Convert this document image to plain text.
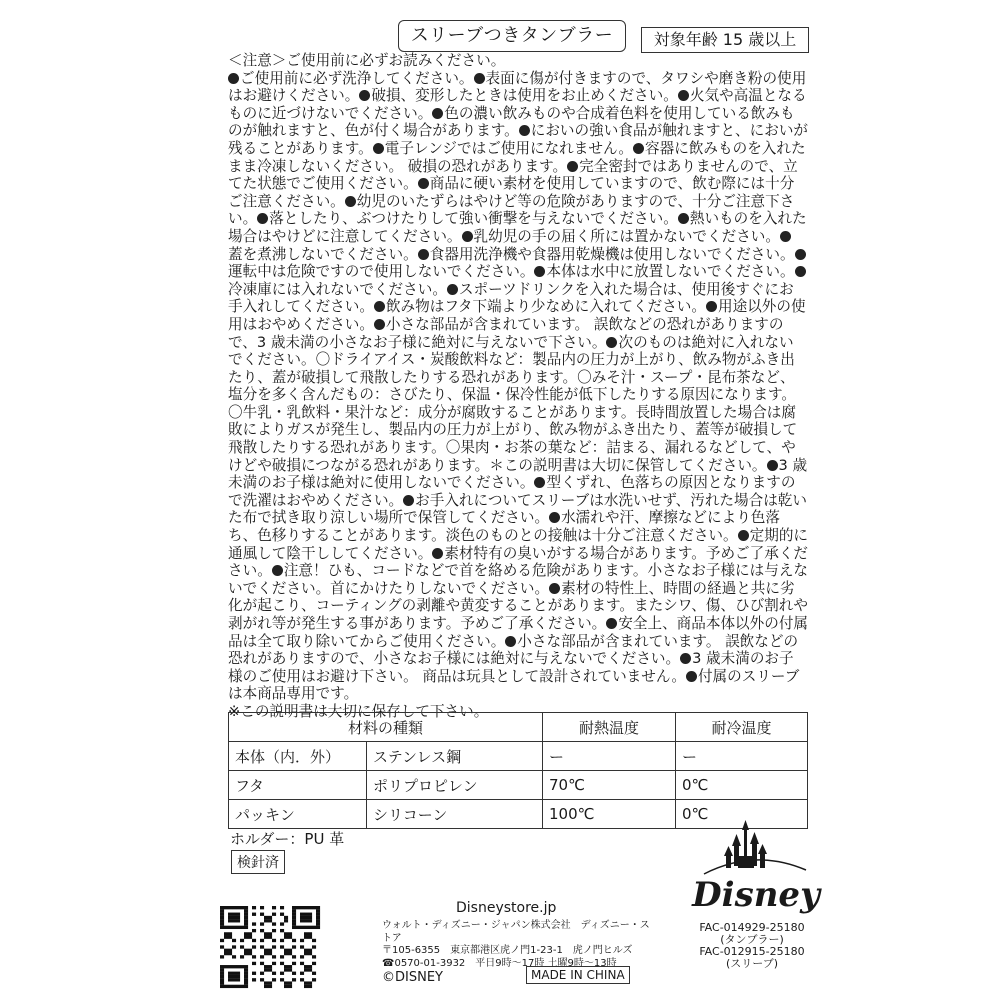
スリーブつきタンブラー	対象年齢 15 歳以上

＜注意＞ご使用前に必ずお読みください。

ご使用前に必ず洗浄してください。 表面に傷が付きますので、タワシや磨き粉の使用はお避けください。 破損、変形したときは使用をお止めください。 火気や高温となるものに近づけないでください。 色の濃い飲みものや合成着色料を使用している飲みものが触れますと、色が付く場合があります。 においの強い食品が触れますと、においが残ることがあります。 電子レンジではご使用になれません。 容器に飲みものを入れたまま冷凍しないください。 破損の恐れがあります。 完全密封ではありませんので、立てた状態でご使用ください。 商品に硬い素材を使用していますので、飲む際には十分ご注意ください。 幼児のいたずらはやけど等の危険がありますので、十分ご注意下さい。 落としたり、ぶつけたりして強い衝撃を与えないでください。 熱いものを入れた場合はやけどに注意してください。 乳幼児の手の届く所には置かないでください。 蓋を煮沸しないでください。 食器用洗浄機や食器用乾燥機は使用しないでください。運転中は危険ですので使用しないでください。 本体は水中に放置しないでください。冷凍庫には入れないでください。 スポーツドリンクを入れた場合は、使用後すぐにお手入れしてください。 飲み物はフタ下端より少なめに入れてください。 用途以外の使用はおやめください。 小さな部品が含まれています。 誤飲などの恐れがありますので、3 歳未満の小さなお子様に絶対に与えないで下さい。 次のものは絶対に入れないでください。〇ドライアイス・炭酸飲料など：製品内の圧力が上がり、飲み物がふき出たり、蓋が破損して飛散したりする恐れがあります。〇みそ汁・スープ・昆布茶など、塩分を多く含んだもの：さびたり、保温・保冷性能が低下したりする原因になります。〇牛乳・乳飲料・果汁など：成分が腐敗することがあります。長時間放置した場合は腐敗によりガスが発生し、製品内の圧力が上がり、飲み物がふき出たり、蓋等が破損して飛散したりする恐れがあります。〇果肉・お茶の葉など：詰まる、漏れるなどして、やけどや破損につながる恐れがあります。＊この説明書は大切に保管してください。 3 歳未満のお子様は絶対に使用しないでください。 型くずれ、色落ちの原因となりますので洗濯はおやめください。 お手入れについてスリーブは水洗いせず、汚れた場合は乾いた布で拭き取り涼しい場所で保管してください。 水濡れや汗、摩擦などにより色落ち、色移りすることがあります。淡色のものとの接触は十分ご注意ください。 定期的に通風して陰干ししてください。 素材特有の臭いがする場合があります。予めご了承ください。 注意！ひも、コードなどで首を絡める危険があります。小さなお子様には与えないでください。首にかけたりしないでください。 素材の特性上、時間の経過と共に劣化が起こり、コーティングの剥離や黄変することがあります。またシワ、傷、ひび割れや剥がれ等が発生する事があります。予めご了承ください。 安全上、商品本体以外の付属品は全て取り除いてからご使用ください。 小さな部品が含まれています。 誤飲などの恐れがありますので、小さなお子様には絶対に与えないでください。 3 歳未満のお子様のご使用はお避け下さい。 商品は玩具として設計されていません。 付属のスリーブは本商品専用です。

※この説明書は大切に保存して下さい。

材料の種類		耐熱温度	耐冷温度
本体（内．外）	ステンレス鋼	ー	ー
フタ	ポリプロピレン	70℃	0℃
パッキン	シリコーン	100℃	0℃
ホルダー：PU 革
検針済
Disneystore.jp
ウォルト・ディズニー・ジャパン株式会社　ディズニー・ストア
〒105-6355　東京都港区虎ノ門1-23-1　虎ノ門ヒルズ
☎0570-01-3932　平日9時〜17時 土曜9時〜13時
©DISNEY	MADE IN CHINA
Disney
FAC-014929-25180
(タンブラー)
FAC-012915-25180
(スリーブ)
